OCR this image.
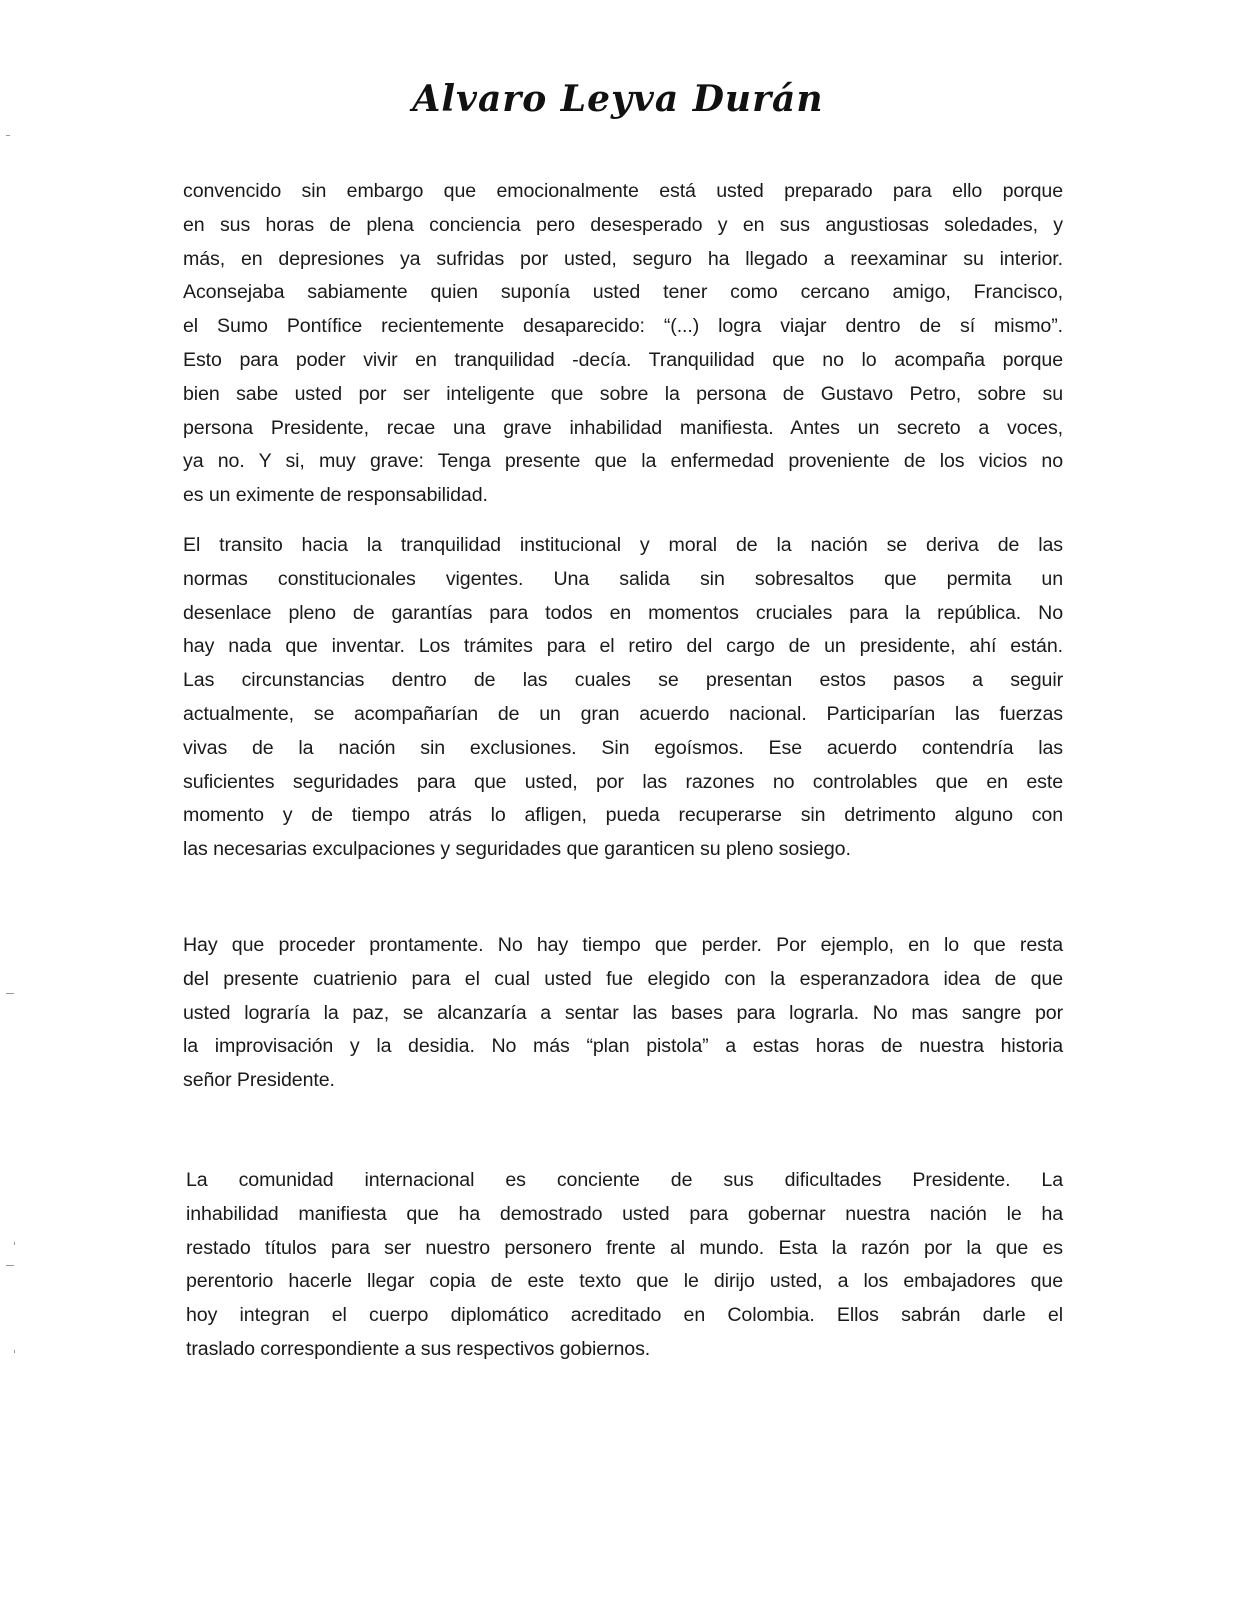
Alvaro Leyva Durán
convencido sin embargo que emocionalmente está usted preparado para ello porque
en sus horas de plena conciencia pero desesperado y en sus angustiosas soledades, y
más, en depresiones ya sufridas por usted, seguro ha llegado a reexaminar su interior.
Aconsejaba sabiamente quien suponía usted tener como cercano amigo, Francisco,
el Sumo Pontífice recientemente desaparecido: “(...) logra viajar dentro de sí mismo”.
Esto para poder vivir en tranquilidad -decía. Tranquilidad que no lo acompaña porque
bien sabe usted por ser inteligente que sobre la persona de Gustavo Petro, sobre su
persona Presidente, recae una grave inhabilidad manifiesta. Antes un secreto a voces,
ya no. Y si, muy grave: Tenga presente que la enfermedad proveniente de los vicios no
es un eximente de responsabilidad.
El transito hacia la tranquilidad institucional y moral de la nación se deriva de las
normas constitucionales vigentes. Una salida sin sobresaltos que permita un
desenlace pleno de garantías para todos en momentos cruciales para la república. No
hay nada que inventar. Los trámites para el retiro del cargo de un presidente, ahí están.
Las circunstancias dentro de las cuales se presentan estos pasos a seguir
actualmente, se acompañarían de un gran acuerdo nacional. Participarían las fuerzas
vivas de la nación sin exclusiones. Sin egoísmos. Ese acuerdo contendría las
suficientes seguridades para que usted, por las razones no controlables que en este
momento y de tiempo atrás lo afligen, pueda recuperarse sin detrimento alguno con
las necesarias exculpaciones y seguridades que garanticen su pleno sosiego.
Hay que proceder prontamente. No hay tiempo que perder. Por ejemplo, en lo que resta
del presente cuatrienio para el cual usted fue elegido con la esperanzadora idea de que
usted lograría la paz, se alcanzaría a sentar las bases para lograrla. No mas sangre por
la improvisación y la desidia. No más “plan pistola” a estas horas de nuestra historia
señor Presidente.
La comunidad internacional es conciente de sus dificultades Presidente. La
inhabilidad manifiesta que ha demostrado usted para gobernar nuestra nación le ha
restado títulos para ser nuestro personero frente al mundo. Esta la razón por la que es
perentorio hacerle llegar copia de este texto que le dirijo usted, a los embajadores que
hoy integran el cuerpo diplomático acreditado en Colombia. Ellos sabrán darle el
traslado correspondiente a sus respectivos gobiernos.
